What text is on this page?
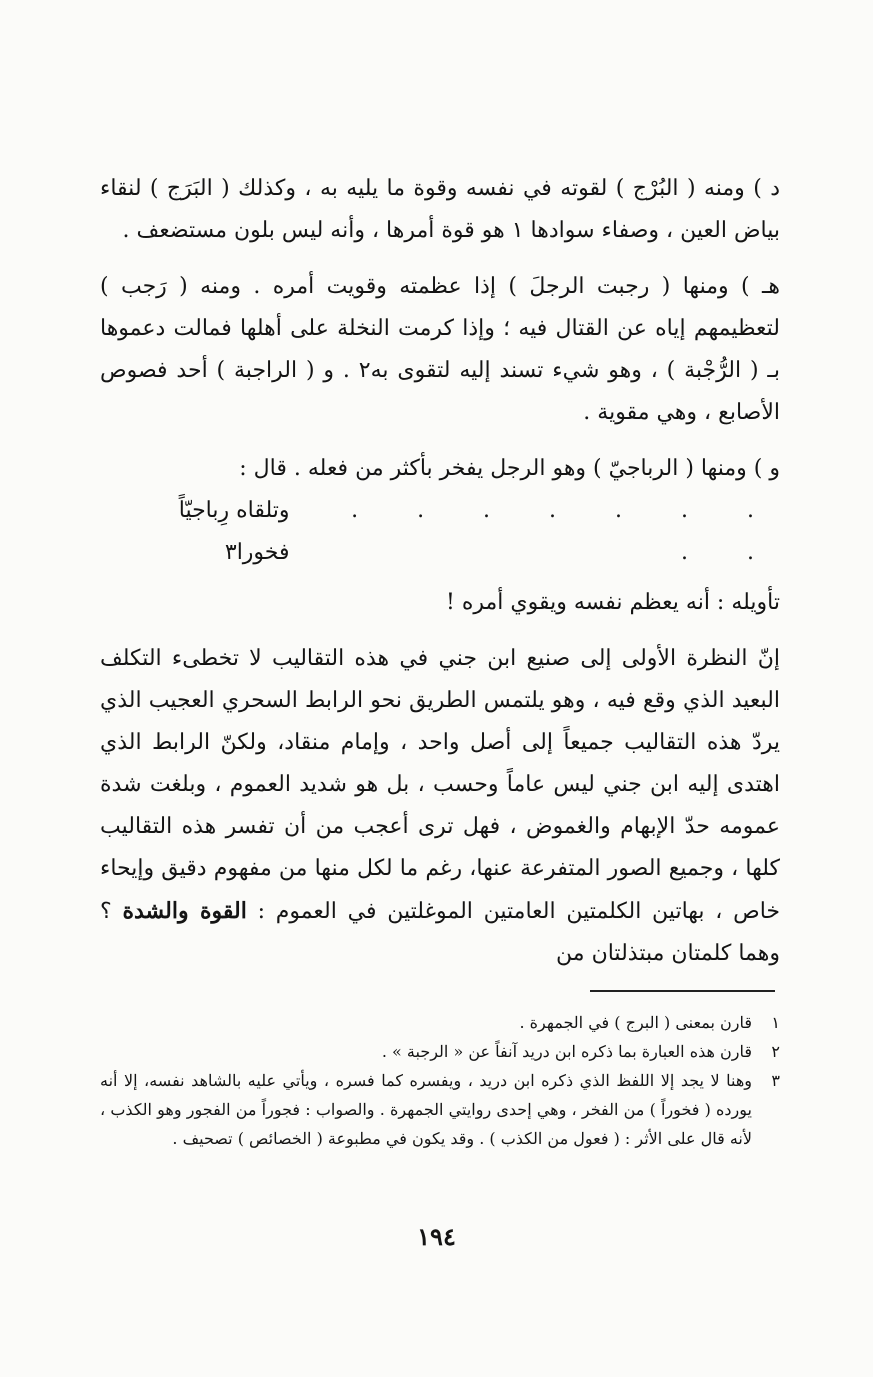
د ) ومنه ( البُرْج ) لقوته في نفسه وقوة ما يليه به ، وكذلك ( البَرَج ) لنقاء بياض العين ، وصفاء سوادها ١ هو قوة أمرها ، وأنه ليس بلون مستضعف .

هـ ) ومنها ( رجبت الرجلَ ) إذا عظمته وقويت أمره . ومنه ( رَجب ) لتعظيمهم إياه عن القتال فيه ؛ وإذا كرمت النخلة على أهلها فمالت دعموها بـ ( الرُّجْبة ) ، وهو شيء تسند إليه لتقوى به٢ . و ( الراجبة ) أحد فصوص الأصابع ، وهي مقوية .

و ) ومنها ( الرباجيّ ) وهو الرجل يفخر بأكثر من فعله . قال :

. . . . . . . . .
وتلقاه رِباجيّاً فخورا٣

تأويله : أنه يعظم نفسه ويقوي أمره !

إنّ النظرة الأولى إلى صنيع ابن جني في هذه التقاليب لا تخطىء التكلف البعيد الذي وقع فيه ، وهو يلتمس الطريق نحو الرابط السحري العجيب الذي يردّ هذه التقاليب جميعاً إلى أصل واحد ، وإمام منقاد، ولكنّ الرابط الذي اهتدى إليه ابن جني ليس عاماً وحسب ، بل هو شديد العموم ، وبلغت شدة عمومه حدّ الإبهام والغموض ، فهل ترى أعجب من أن تفسر هذه التقاليب كلها ، وجميع الصور المتفرعة عنها، رغم ما لكل منها من مفهوم دقيق وإيحاء خاص ، بهاتين الكلمتين العامتين الموغلتين في العموم : القوة والشدة ؟ وهما كلمتان مبتذلتان من

١
قارن بمعنى ( البرج ) في الجمهرة .
٢
قارن هذه العبارة بما ذكره ابن دريد آنفاً عن « الرجبة » .
٣
وهنا لا يجد إلا اللفظ الذي ذكره ابن دريد ، ويفسره كما فسره ، ويأتي عليه بالشاهد نفسه، إلا أنه يورده ( فخوراً ) من الفخر ، وهي إحدى روايتي الجمهرة . والصواب : فجوراً من الفجور وهو الكذب ، لأنه قال على الأثر : ( فعول من الكذب ) . وقد يكون في مطبوعة ( الخصائص ) تصحيف .
١٩٤
